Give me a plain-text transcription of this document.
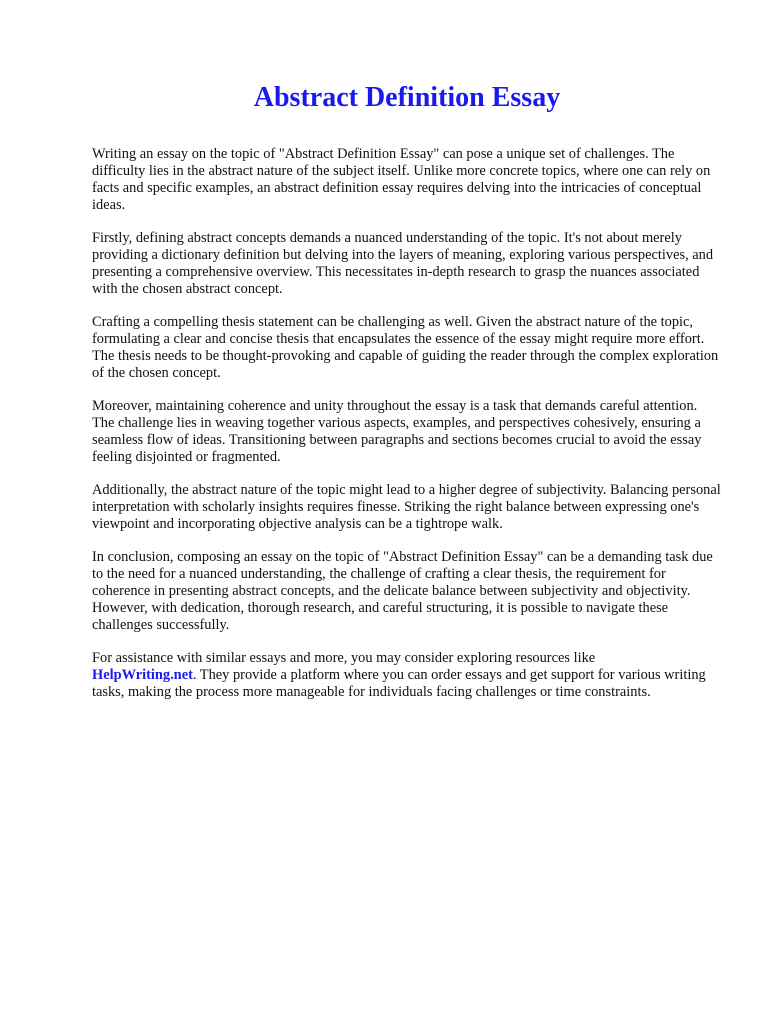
Abstract Definition Essay

Writing an essay on the topic of "Abstract Definition Essay" can pose a unique set of challenges. The difficulty lies in the abstract nature of the subject itself. Unlike more concrete topics, where one can rely on facts and specific examples, an abstract definition essay requires delving into the intricacies of conceptual ideas.

Firstly, defining abstract concepts demands a nuanced understanding of the topic. It's not about merely providing a dictionary definition but delving into the layers of meaning, exploring various perspectives, and presenting a comprehensive overview. This necessitates in-depth research to grasp the nuances associated with the chosen abstract concept.

Crafting a compelling thesis statement can be challenging as well. Given the abstract nature of the topic, formulating a clear and concise thesis that encapsulates the essence of the essay might require more effort. The thesis needs to be thought-provoking and capable of guiding the reader through the complex exploration of the chosen concept.

Moreover, maintaining coherence and unity throughout the essay is a task that demands careful attention. The challenge lies in weaving together various aspects, examples, and perspectives cohesively, ensuring a seamless flow of ideas. Transitioning between paragraphs and sections becomes crucial to avoid the essay feeling disjointed or fragmented.

Additionally, the abstract nature of the topic might lead to a higher degree of subjectivity. Balancing personal interpretation with scholarly insights requires finesse. Striking the right balance between expressing one's viewpoint and incorporating objective analysis can be a tightrope walk.

In conclusion, composing an essay on the topic of "Abstract Definition Essay" can be a demanding task due to the need for a nuanced understanding, the challenge of crafting a clear thesis, the requirement for coherence in presenting abstract concepts, and the delicate balance between subjectivity and objectivity. However, with dedication, thorough research, and careful structuring, it is possible to navigate these challenges successfully.

For assistance with similar essays and more, you may consider exploring resources like
HelpWriting.net. They provide a platform where you can order essays and get support for various writing tasks, making the process more manageable for individuals facing challenges or time constraints.
